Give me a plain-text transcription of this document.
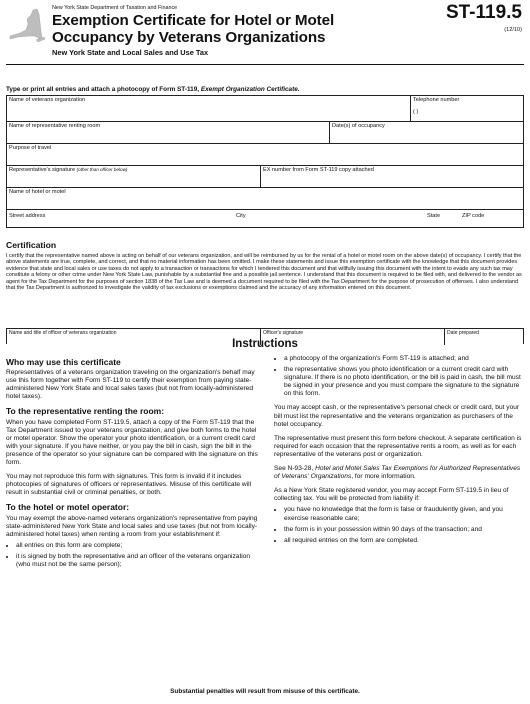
New York State Department of Taxation and Finance
Exemption Certificate for Hotel or Motel Occupancy by Veterans Organizations
New York State and Local Sales and Use Tax
ST-119.5
(12/10)
Type or print all entries and attach a photocopy of Form ST-119, Exempt Organization Certificate.
Name of veterans organization	Telephone number
( )
Name of representative renting room	Date(s) of occupancy
Purpose of travel
Representative's signature (other than officer below)	EX number from Form ST-119 copy attached
Name of hotel or motel
Street address	City	State	ZIP code
Certification
I certify that the representative named above is acting on behalf of our veterans organization, and will be reimbursed by us for the rental of a hotel or motel room on the above date(s) of occupancy. I certify that the above statements are true, complete, and correct, and that no material information has been omitted. I make these statements and issue this exemption certificate with the knowledge that this document provides evidence that state and local sales or use taxes do not apply to a transaction or transactions for which I tendered this document and that willfully issuing this document with the intent to evade any such tax may constitute a felony or other crime under New York State Law, punishable by a substantial fine and a possible jail sentence. I understand that this document is required to be filed with, and delivered to the vendor as agent for the Tax Department for the purposes of section 1838 of the Tax Law and is deemed a document required to be filed with the Tax Department for the purpose of prosecution of offenses. I also understand that the Tax Department is authorized to investigate the validity of tax exclusions or exemptions claimed and the accuracy of any information entered on this document.
Name and title of officer of veterans organization	Officer's signature	Date prepared
Instructions
Who may use this certificate

Representatives of a veterans organization traveling on the organization's behalf may use this form together with Form ST-119 to certify their exemption from paying state-administered New York State and local sales taxes (but not from locally-administered hotel taxes).

To the representative renting the room:

When you have completed Form ST-119.5, attach a copy of the Form ST-119 that the Tax Department issued to your veterans organization, and give both forms to the hotel or motel operator. Show the operator your photo identification, or a current credit card with your signature. If you have neither, or you pay the bill in cash, sign the bill in the presence of the operator so your signature can be compared with the signature on this form.

You may not reproduce this form with signatures. This form is invalid if it includes photocopies of signatures of officers or representatives. Misuse of this certificate will result in substantial civil or criminal penalties, or both.

To the hotel or motel operator:

You may exempt the above-named veterans organization's representative from paying state-administered New York State and local sales and use taxes (but not from locally-administered hotel taxes) when renting a room from your establishment if:

• all entries on this form are complete;
• it is signed by both the representative and an officer of the veterans organization (who must not be the same person);
• a photocopy of the organization's Form ST-119 is attached; and
• the representative shows you photo identification or a current credit card with signature. If there is no photo identification, or the bill is paid in cash, the bill must be signed in your presence and you must compare the signature to the signature on this form.

You may accept cash, or the representative's personal check or credit card, but your bill must list the representative and the veterans organization as purchasers of the hotel occupancy.

The representative must present this form before checkout. A separate certification is required for each occasion that the representative rents a room, as well as for each representative of the veterans post or organization.

See N-93-28, Hotel and Motel Sales Tax Exemptions for Authorized Representatives of Veterans' Organizations, for more information.

As a New York State registered vendor, you may accept Form ST-119.5 in lieu of collecting tax. You will be protected from liability if:

• you have no knowledge that the form is false or fraudulently given, and you exercise reasonable care;
• the form is in your possession within 90 days of the transaction; and
• all required entries on the form are completed.
Substantial penalties will result from misuse of this certificate.
